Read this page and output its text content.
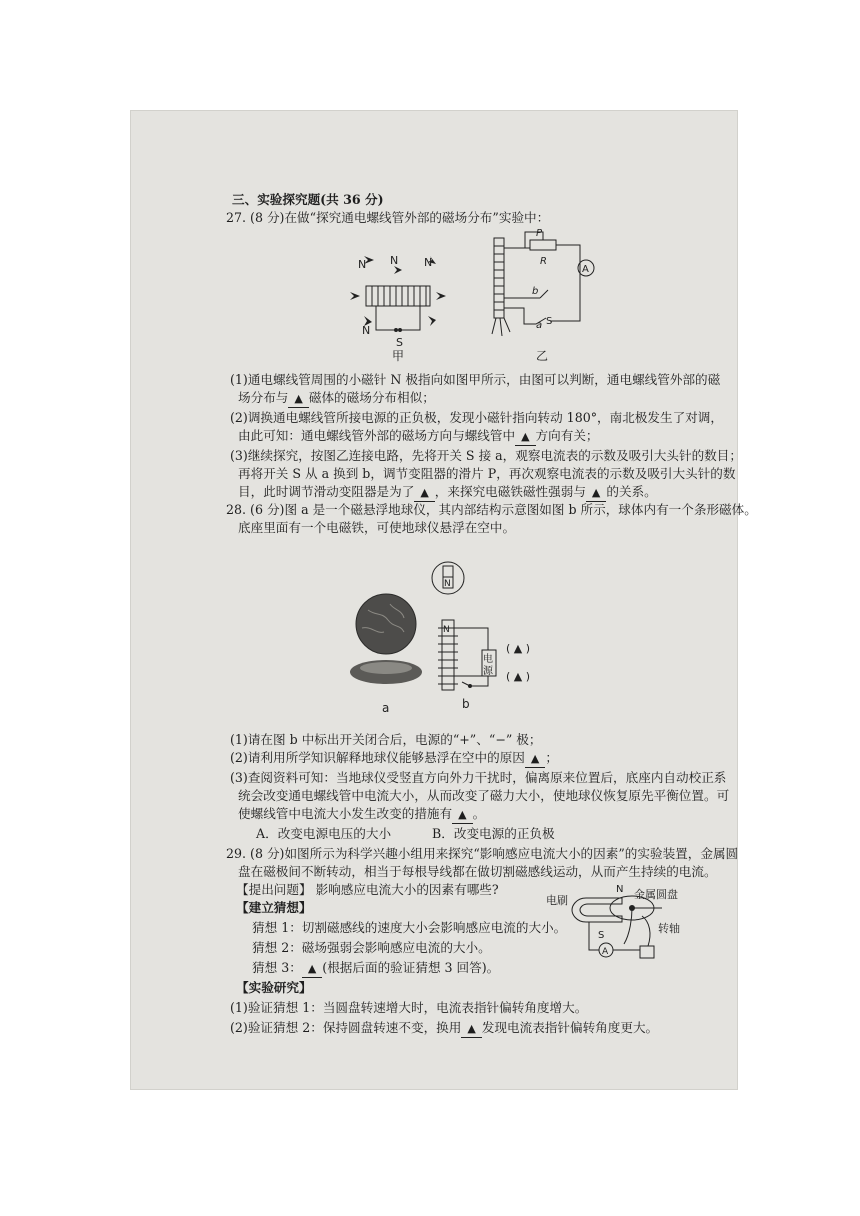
三、实验探究题(共 36 分)
27. (8 分)在做“探究通电螺线管外部的磁场分布”实验中：
N N N
N
S
甲
P
R
b
a S
A
乙
(1)通电螺线管周围的小磁针 N 极指向如图甲所示，由图可以判断，通电螺线管外部的磁
场分布与 ▲ 磁体的磁场分布相似；
(2)调换通电螺线管所接电源的正负极，发现小磁针指向转动 180°，南北极发生了对调，
由此可知：通电螺线管外部的磁场方向与螺线管中 ▲ 方向有关；
(3)继续探究，按图乙连接电路，先将开关 S 接 a，观察电流表的示数及吸引大头针的数目；
再将开关 S 从 a 换到 b，调节变阻器的滑片 P，再次观察电流表的示数及吸引大头针的数
目，此时调节滑动变阻器是为了 ▲ ，来探究电磁铁磁性强弱与 ▲ 的关系。
28. (6 分)图 a 是一个磁悬浮地球仪，其内部结构示意图如图 b 所示，球体内有一个条形磁体。
底座里面有一个电磁铁，可使地球仪悬浮在空中。
a
N
N
电
源
( ▲ )
( ▲ )
b
(1)请在图 b 中标出开关闭合后，电源的“+”、“−” 极；
(2)请利用所学知识解释地球仪能够悬浮在空中的原因 ▲ ；
(3)查阅资料可知：当地球仪受竖直方向外力干扰时，偏离原来位置后，底座内自动校正系
统会改变通电螺线管中电流大小，从而改变了磁力大小，使地球仪恢复原先平衡位置。可
使螺线管中电流大小发生改变的措施有 ▲ 。
A．改变电源电压的大小	B．改变电源的正负极
29. (8 分)如图所示为科学兴趣小组用来探究“影响感应电流大小的因素”的实验装置，金属圆
盘在磁极间不断转动，相当于每根导线都在做切割磁感线运动，从而产生持续的电流。
【提出问题】 影响感应电流大小的因素有哪些?
【建立猜想】
猜想 1：切割磁感线的速度大小会影响感应电流的大小。
猜想 2：磁场强弱会影响感应电流的大小。
猜想 3： ▲ (根据后面的验证猜想 3 回答)。
【实验研究】
(1)验证猜想 1：当圆盘转速增大时，电流表指针偏转角度增大。
(2)验证猜想 2：保持圆盘转速不变，换用 ▲ 发现电流表指针偏转角度更大。
电刷
N 金属圆盘
S
转轴
A
